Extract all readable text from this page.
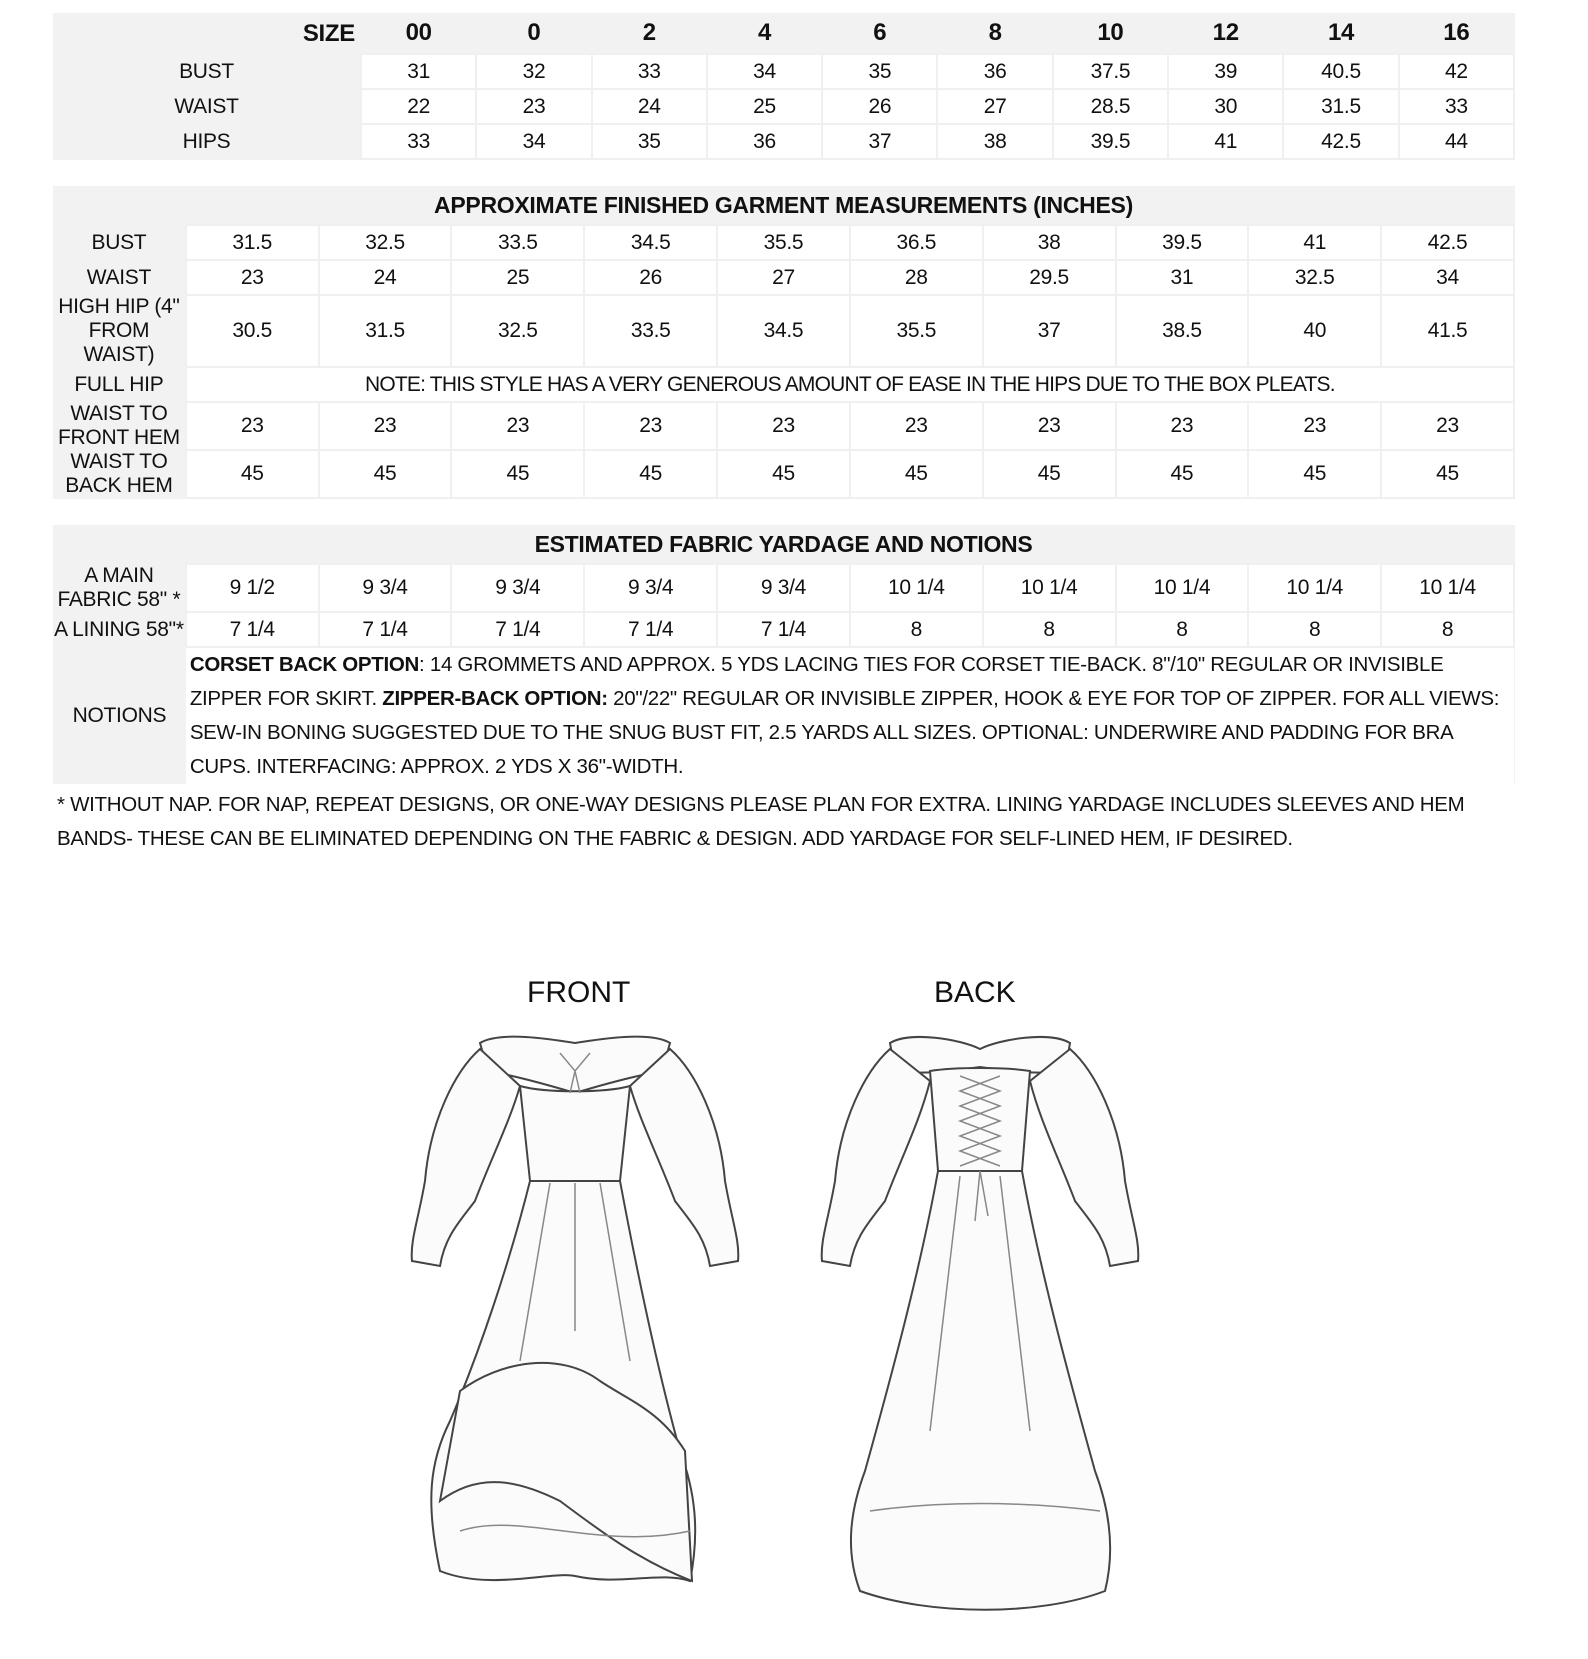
SIZE	00	0	2	4	6	8	10	12	14	16
BUST	31	32	33	34	35	36	37.5	39	40.5	42
WAIST	22	23	24	25	26	27	28.5	30	31.5	33
HIPS	33	34	35	36	37	38	39.5	41	42.5	44
APPROXIMATE FINISHED GARMENT MEASUREMENTS (INCHES)										
BUST	31.5	32.5	33.5	34.5	35.5	36.5	38	39.5	41	42.5
WAIST	23	24	25	26	27	28	29.5	31	32.5	34
HIGH HIP (4" FROM WAIST)	30.5	31.5	32.5	33.5	34.5	35.5	37	38.5	40	41.5
FULL HIP	NOTE: THIS STYLE HAS A VERY GENEROUS AMOUNT OF EASE IN THE HIPS DUE TO THE BOX PLEATS.									
WAIST TO FRONT HEM	23	23	23	23	23	23	23	23	23	23
WAIST TO BACK HEM	45	45	45	45	45	45	45	45	45	45
ESTIMATED FABRIC YARDAGE AND NOTIONS										
A MAIN FABRIC 58" *	9 1/2	9 3/4	9 3/4	9 3/4	9 3/4	10 1/4	10 1/4	10 1/4	10 1/4	10 1/4
A LINING 58"*	7 1/4	7 1/4	7 1/4	7 1/4	7 1/4	8	8	8	8	8
NOTIONS	CORSET BACK OPTION: 14 GROMMETS AND APPROX. 5 YDS LACING TIES FOR CORSET TIE-BACK. 8"/10" REGULAR OR INVISIBLE ZIPPER FOR SKIRT. ZIPPER-BACK OPTION: 20"/22" REGULAR OR INVISIBLE ZIPPER, HOOK & EYE FOR TOP OF ZIPPER. FOR ALL VIEWS: SEW-IN BONING SUGGESTED DUE TO THE SNUG BUST FIT, 2.5 YARDS ALL SIZES. OPTIONAL: UNDERWIRE AND PADDING FOR BRA CUPS. INTERFACING: APPROX. 2 YDS X 36"-WIDTH.									
* WITHOUT NAP. FOR NAP, REPEAT DESIGNS, OR ONE-WAY DESIGNS PLEASE PLAN FOR EXTRA. LINING YARDAGE INCLUDES SLEEVES AND HEM BANDS- THESE CAN BE ELIMINATED DEPENDING ON THE FABRIC & DESIGN. ADD YARDAGE FOR SELF-LINED HEM, IF DESIRED.
FRONT	BACK
